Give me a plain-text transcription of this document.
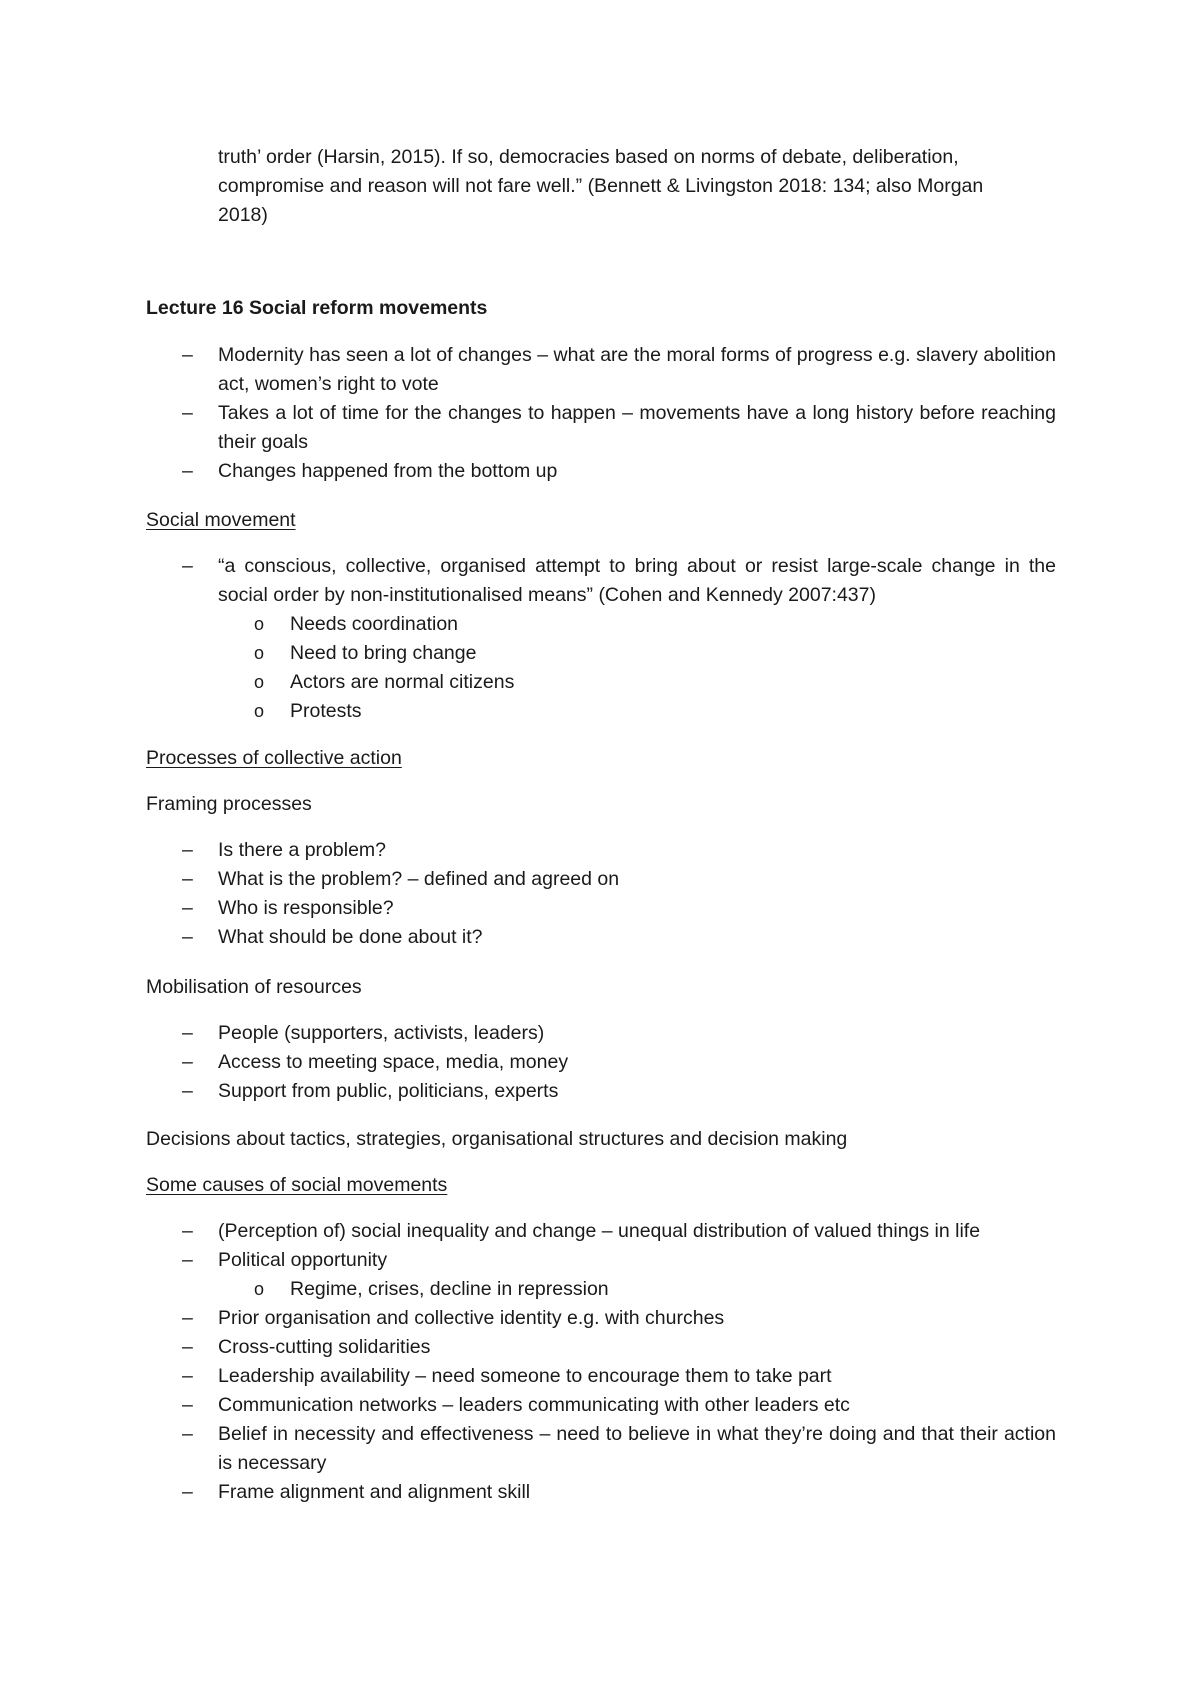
truth’ order (Harsin, 2015). If so, democracies based on norms of debate, deliberation,

compromise and reason will not fare well.” (Bennett & Livingston 2018: 134; also Morgan

2018)

Lecture 16 Social reform movements
– Modernity has seen a lot of changes – what are the moral forms of progress e.g. slavery abolition act, women’s right to vote
– Takes a lot of time for the changes to happen – movements have a long history before reaching their goals
– Changes happened from the bottom up
Social movement
– “a conscious, collective, organised attempt to bring about or resist large-scale change in the social order by non-institutionalised means” (Cohen and Kennedy 2007:437)
o Needs coordination
o Need to bring change
o Actors are normal citizens
o Protests
Processes of collective action
Framing processes
– Is there a problem?
– What is the problem? – defined and agreed on
– Who is responsible?
– What should be done about it?
Mobilisation of resources
– People (supporters, activists, leaders)
– Access to meeting space, media, money
– Support from public, politicians, experts
Decisions about tactics, strategies, organisational structures and decision making
Some causes of social movements
– (Perception of) social inequality and change – unequal distribution of valued things in life
– Political opportunity
o Regime, crises, decline in repression
– Prior organisation and collective identity e.g. with churches
– Cross-cutting solidarities
– Leadership availability – need someone to encourage them to take part
– Communication networks – leaders communicating with other leaders etc
– Belief in necessity and effectiveness – need to believe in what they’re doing and that their action is necessary
– Frame alignment and alignment skill
